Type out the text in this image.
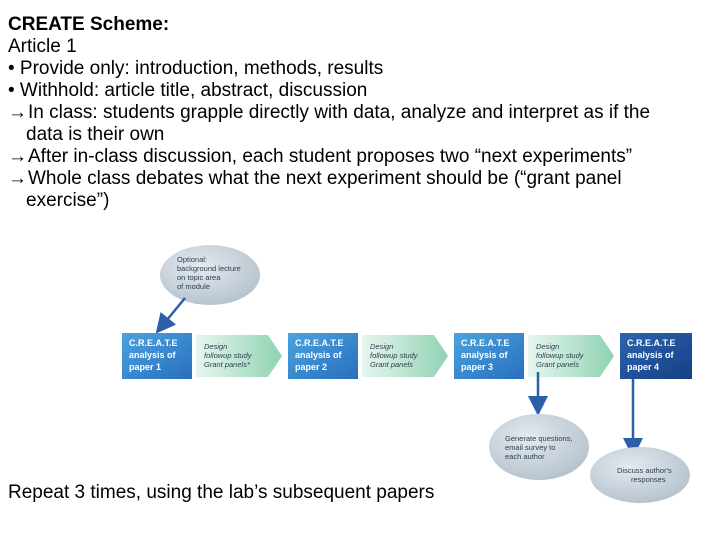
CREATE Scheme:
Article 1
• Provide only: introduction, methods, results
• Withhold: article title, abstract, discussion
→In class: students grapple directly with data, analyze and interpret as if the
data is their own
→After in-class discussion, each student proposes two “next experiments”
→Whole class debates what the next experiment should be (“grant panel
exercise”)
Optional:
background lecture
on topic area
of module
C.R.E.A.T.E
analysis of
paper 1
Design
followup study
Grant panels*
C.R.E.A.T.E
analysis of
paper 2
Design
followup study
Grant panels
C.R.E.A.T.E
analysis of
paper 3
Design
followup study
Grant panels
C.R.E.A.T.E
analysis of
paper 4
Generate questions,
email survey to
each author
Discuss author's
responses
Repeat 3 times, using the lab’s subsequent papers
